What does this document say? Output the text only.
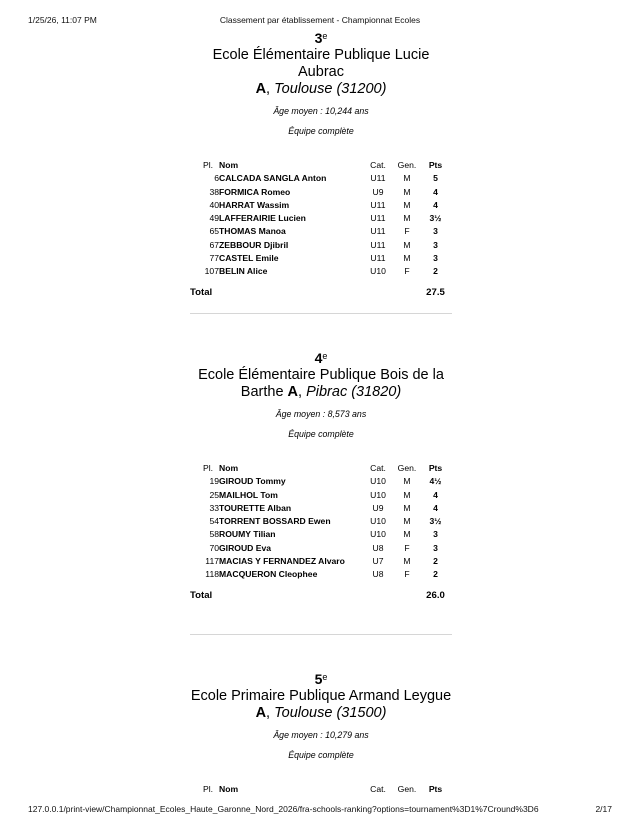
1/25/26, 11:07 PM	Classement par établissement - Championnat Ecoles
3e
Ecole Élémentaire Publique Lucie Aubrac
A, Toulouse (31200)
Âge moyen : 10,244 ans
Équipe complète
Pl.	Nom	Cat.	Gen.	Pts
6	CALCADA SANGLA Anton	U11	M	5
38	FORMICA Romeo	U9	M	4
40	HARRAT Wassim	U11	M	4
49	LAFFERAIRIE Lucien	U11	M	3½
65	THOMAS Manoa	U11	F	3
67	ZEBBOUR Djibril	U11	M	3
77	CASTEL Emile	U11	M	3
107	BELIN Alice	U10	F	2
Total				27.5
4e
Ecole Élémentaire Publique Bois de la Barthe A, Pibrac (31820)
Âge moyen : 8,573 ans
Équipe complète
Pl.	Nom	Cat.	Gen.	Pts
19	GIROUD Tommy	U10	M	4½
25	MAILHOL Tom	U10	M	4
33	TOURETTE Alban	U9	M	4
54	TORRENT BOSSARD Ewen	U10	M	3½
58	ROUMY Tilian	U10	M	3
70	GIROUD Eva	U8	F	3
117	MACIAS Y FERNANDEZ Alvaro	U7	M	2
118	MACQUERON Cleophee	U8	F	2
Total				26.0
5e
Ecole Primaire Publique Armand Leygue
A, Toulouse (31500)
Âge moyen : 10,279 ans
Équipe complète
Pl.	Nom	Cat.	Gen.	Pts
127.0.0.1/print-view/Championnat_Ecoles_Haute_Garonne_Nord_2026/fra-schools-ranking?options=tournament%3D1%7Cround%3D6	2/17
